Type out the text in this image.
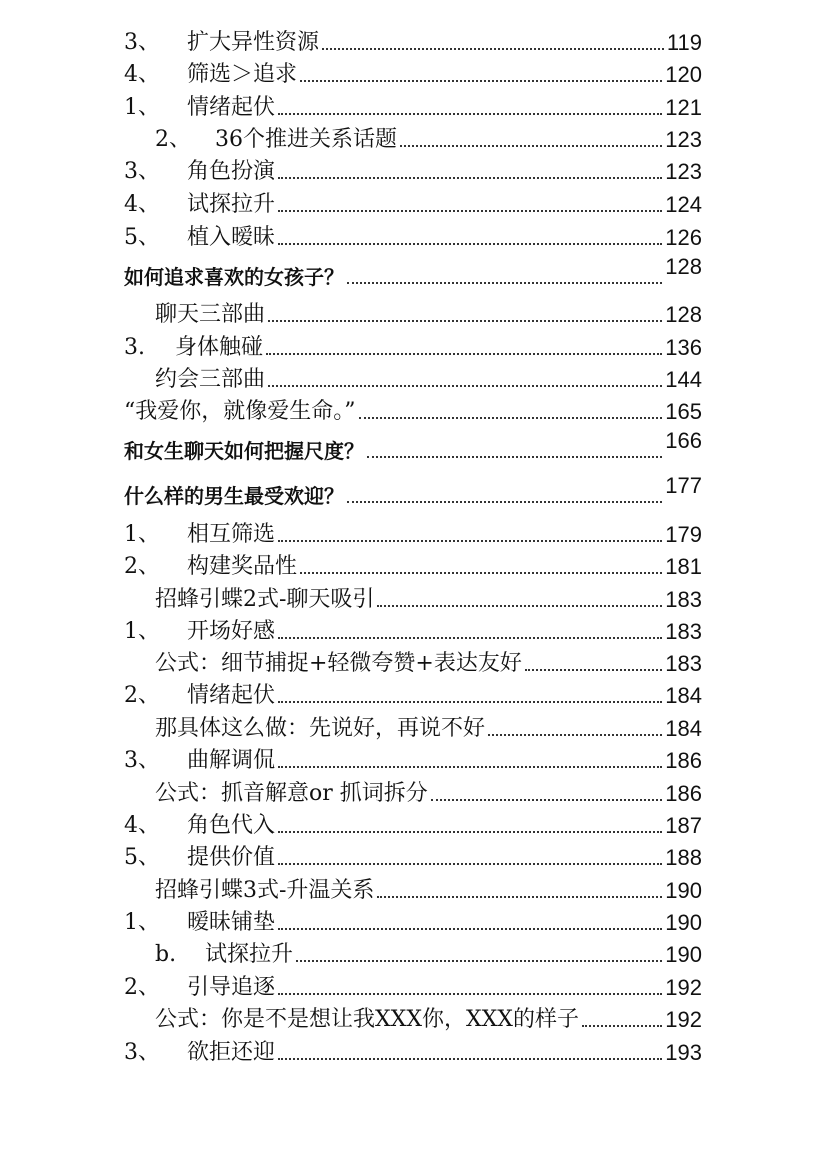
3、	扩大异性资源	119
4、	筛选＞追求	120
1、	情绪起伏	121
2、	36个推进关系话题	123
3、	角色扮演	123
4、	试探拉升	124
5、	植入暧昧	126
如何追求喜欢的女孩子？	128
聊天三部曲	128
3.	身体触碰	136
约会三部曲	144
“我爱你，就像爱生命。”	165
和女生聊天如何把握尺度？	166
什么样的男生最受欢迎？	177
1、	相互筛选	179
2、	构建奖品性	181
招蜂引蝶2式-聊天吸引	183
1、	开场好感	183
公式：细节捕捉+轻微夸赞+表达友好	183
2、	情绪起伏	184
那具体这么做：先说好，再说不好	184
3、	曲解调侃	186
公式：抓音解意or 抓词拆分	186
4、	角色代入	187
5、	提供价值	188
招蜂引蝶3式-升温关系	190
1、	暧昧铺垫	190
b.	试探拉升	190
2、	引导追逐	192
公式：你是不是想让我XXX你，XXX的样子	192
3、	欲拒还迎	193
